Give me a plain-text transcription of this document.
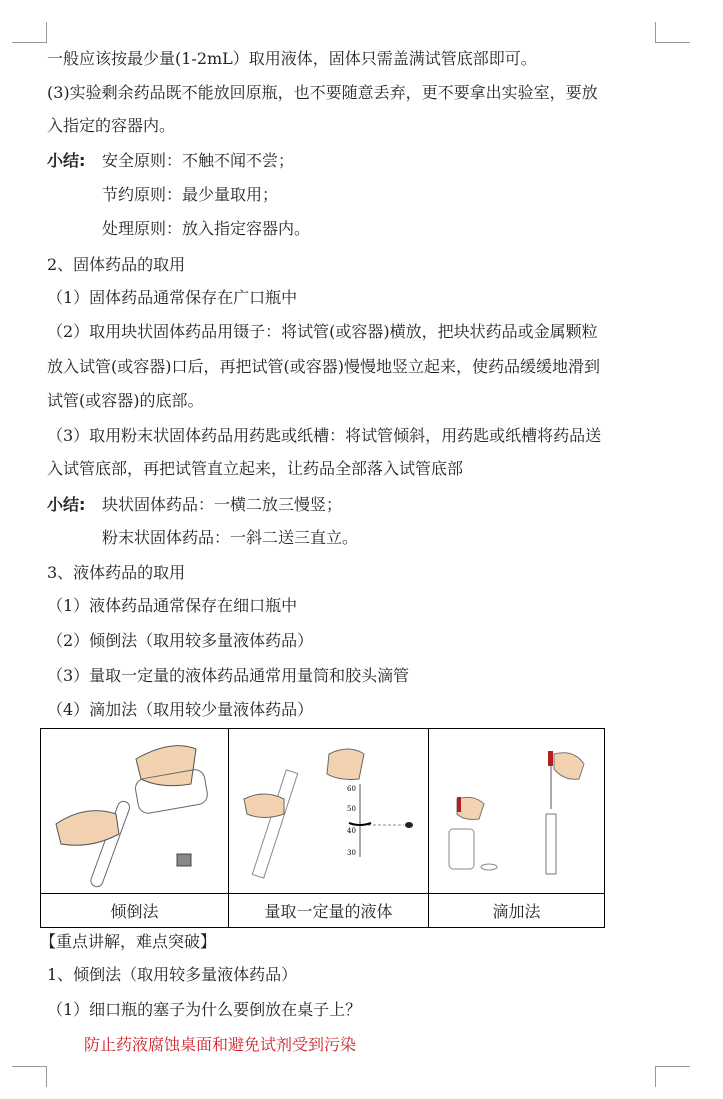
一般应该按最少量(1-2mL）取用液体，固体只需盖满试管底部即可。
(3)实验剩余药品既不能放回原瓶，也不要随意丢弃，更不要拿出实验室，要放
入指定的容器内。
小结: 安全原则：不触不闻不尝；
节约原则：最少量取用；
处理原则：放入指定容器内。
2、固体药品的取用
（1）固体药品通常保存在广口瓶中
（2）取用块状固体药品用镊子：将试管(或容器)横放，把块状药品或金属颗粒
放入试管(或容器)口后，再把试管(或容器)慢慢地竖立起来，使药品缓缓地滑到
试管(或容器)的底部。
（3）取用粉末状固体药品用药匙或纸槽：将试管倾斜，用药匙或纸槽将药品送
入试管底部，再把试管直立起来，让药品全部落入试管底部
小结: 块状固体药品：一横二放三慢竖；
粉末状固体药品：一斜二送三直立。
3、液体药品的取用
（1）液体药品通常保存在细口瓶中
（2）倾倒法（取用较多量液体药品）
（3）量取一定量的液体药品通常用量筒和胶头滴管
（4）滴加法（取用较少量液体药品）

60
50
40
30

倾倒法	量取一定量的液体	滴加法
【重点讲解，难点突破】
1、倾倒法（取用较多量液体药品）
（1）细口瓶的塞子为什么要倒放在桌子上？
防止药液腐蚀桌面和避免试剂受到污染
